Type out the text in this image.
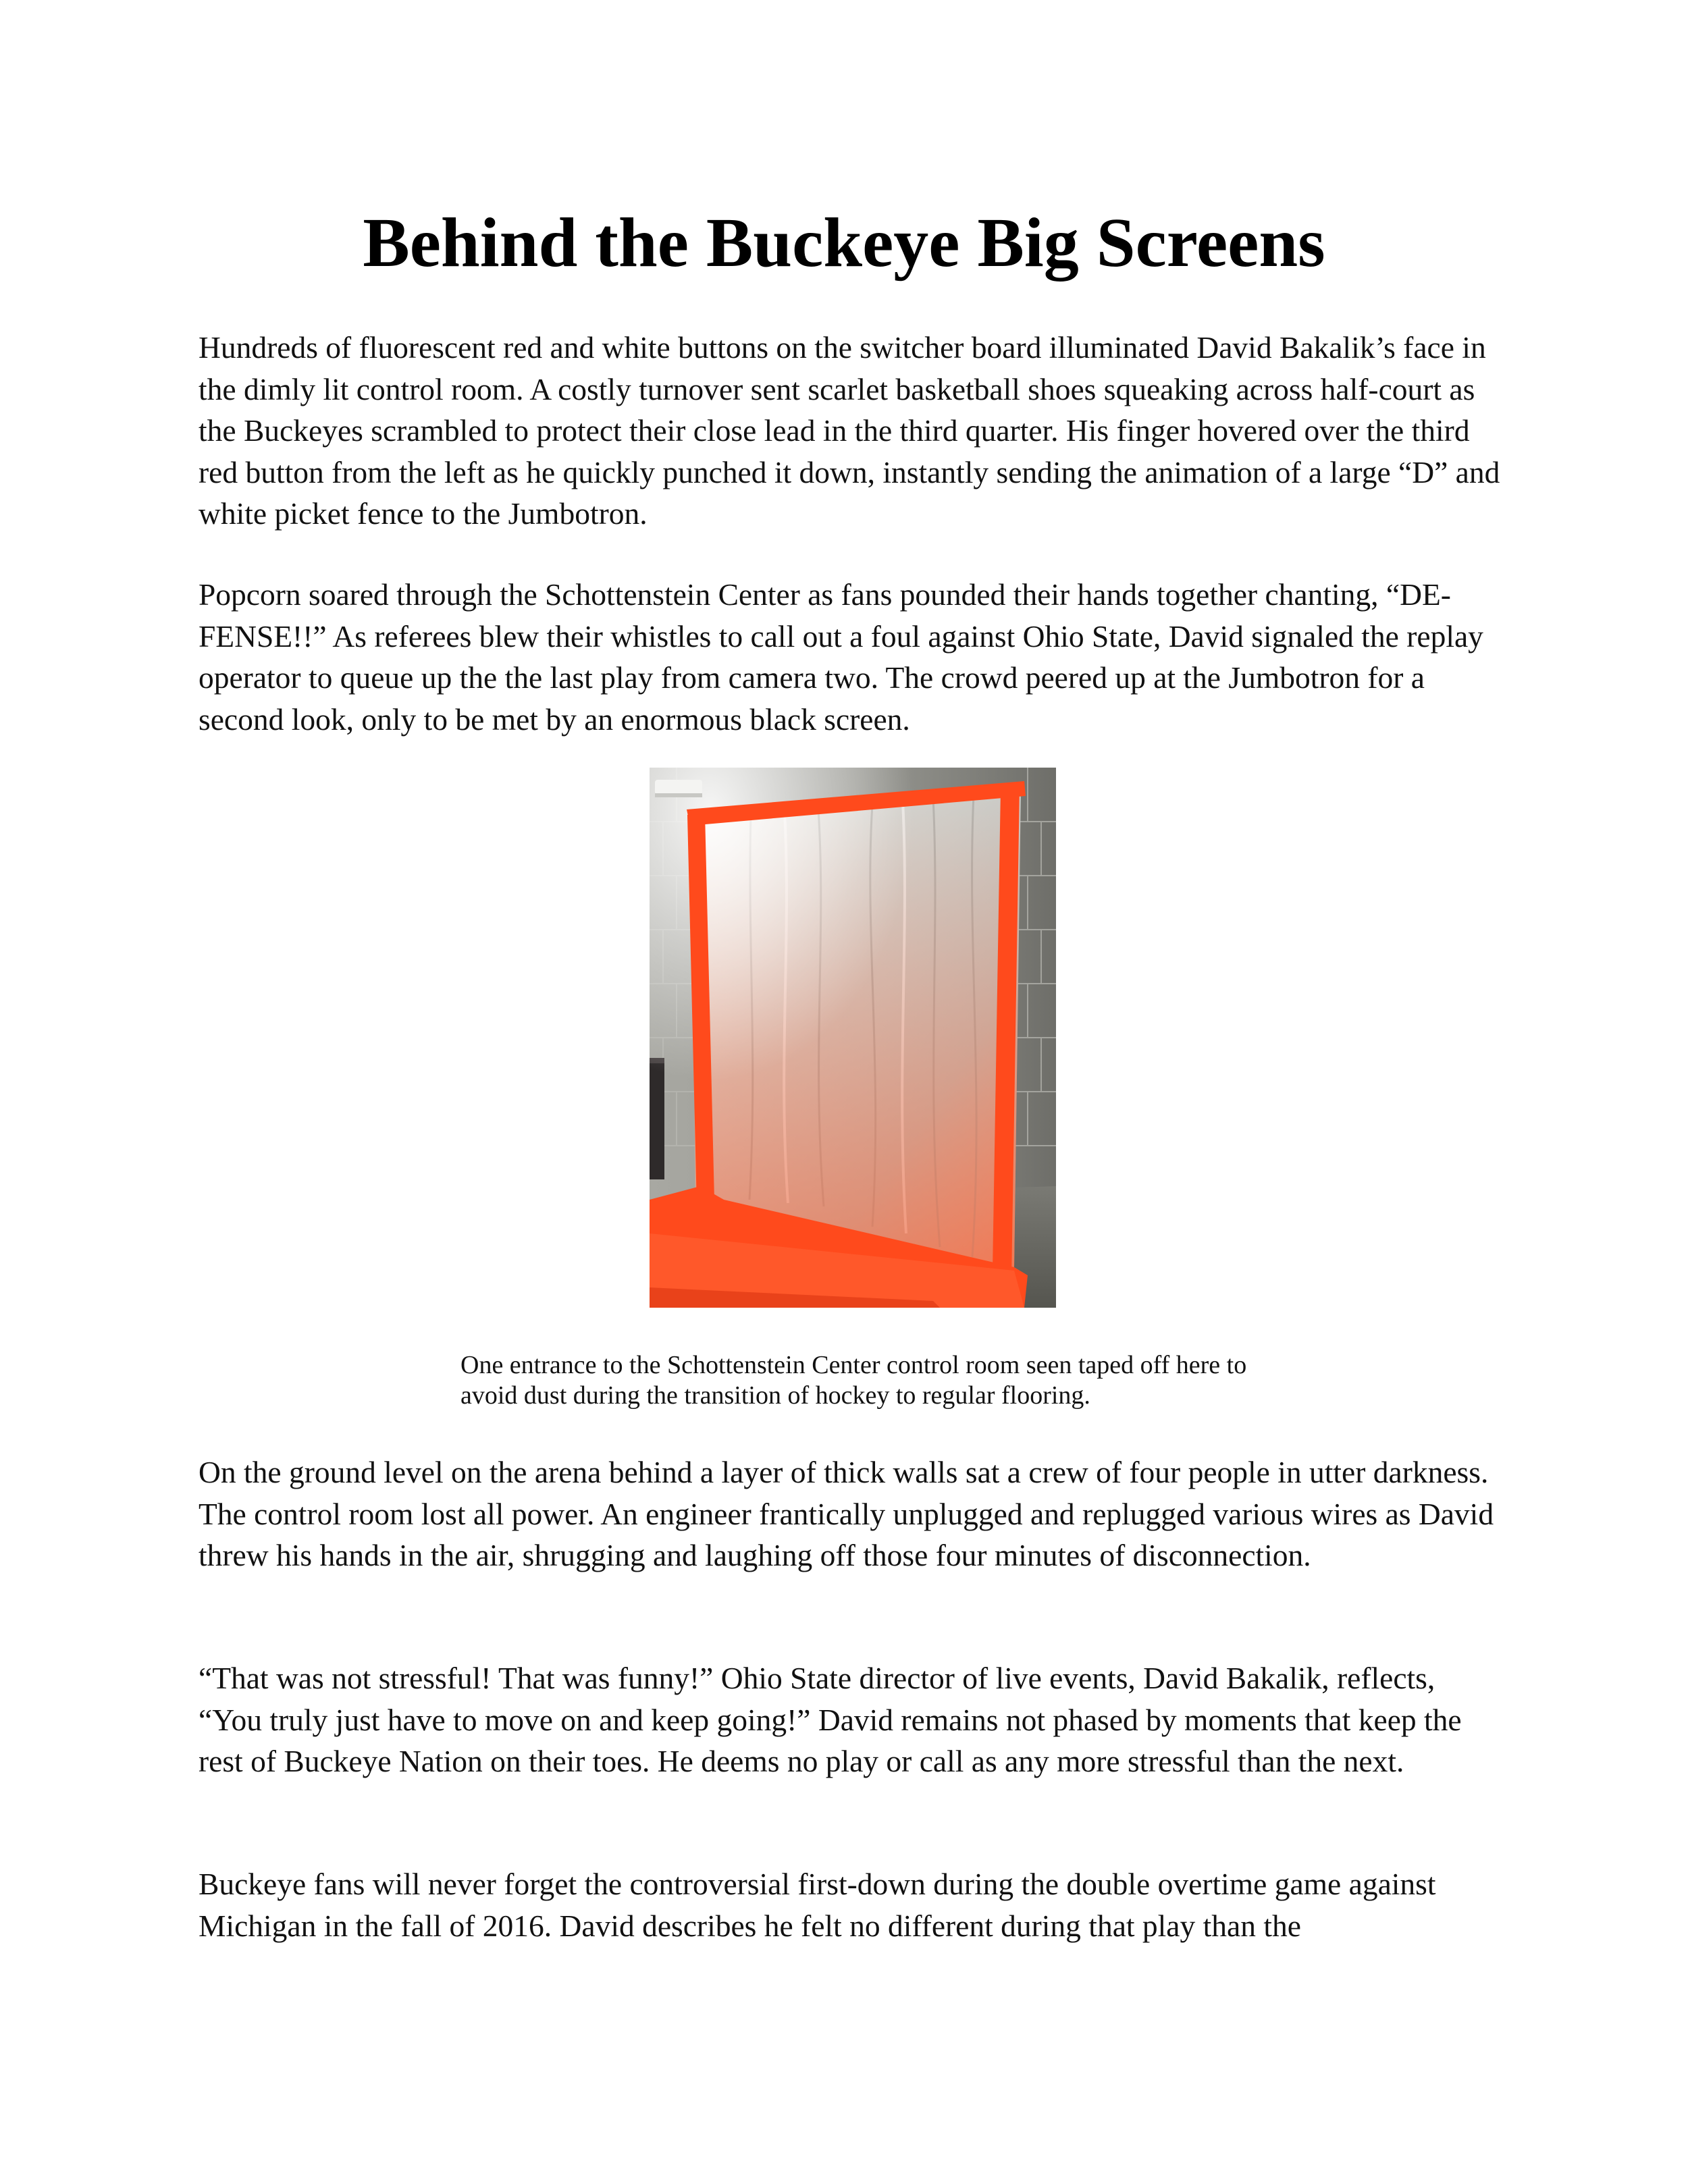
Behind the Buckeye Big Screens

Hundreds of fluorescent red and white buttons on the switcher board illuminated David Bakalik’s face in the dimly lit control room. A costly turnover sent scarlet basketball shoes squeaking across half-court as the Buckeyes scrambled to protect their close lead in the third quarter. His finger hovered over the third red button from the left as he quickly punched it down, instantly sending the animation of a large “D” and white picket fence to the Jumbotron.

Popcorn soared through the Schottenstein Center as fans pounded their hands together chanting, “DE-FENSE!!” As referees blew their whistles to call out a foul against Ohio State, David signaled the replay operator to queue up the the last play from camera two. The crowd peered up at the Jumbotron for a second look, only to be met by an enormous black screen.

One entrance to the Schottenstein Center control room seen taped off here to avoid dust during the transition of hockey to regular flooring.

On the ground level on the arena behind a layer of thick walls sat a crew of four people in utter darkness. The control room lost all power. An engineer frantically unplugged and replugged various wires as David threw his hands in the air, shrugging and laughing off those four minutes of disconnection.

“That was not stressful! That was funny!” Ohio State director of live events, David Bakalik, reflects, “You truly just have to move on and keep going!” David remains not phased by moments that keep the rest of Buckeye Nation on their toes. He deems no play or call as any more stressful than the next.

Buckeye fans will never forget the controversial first-down during the double overtime game against Michigan in the fall of 2016. David describes he felt no different during that play than the
